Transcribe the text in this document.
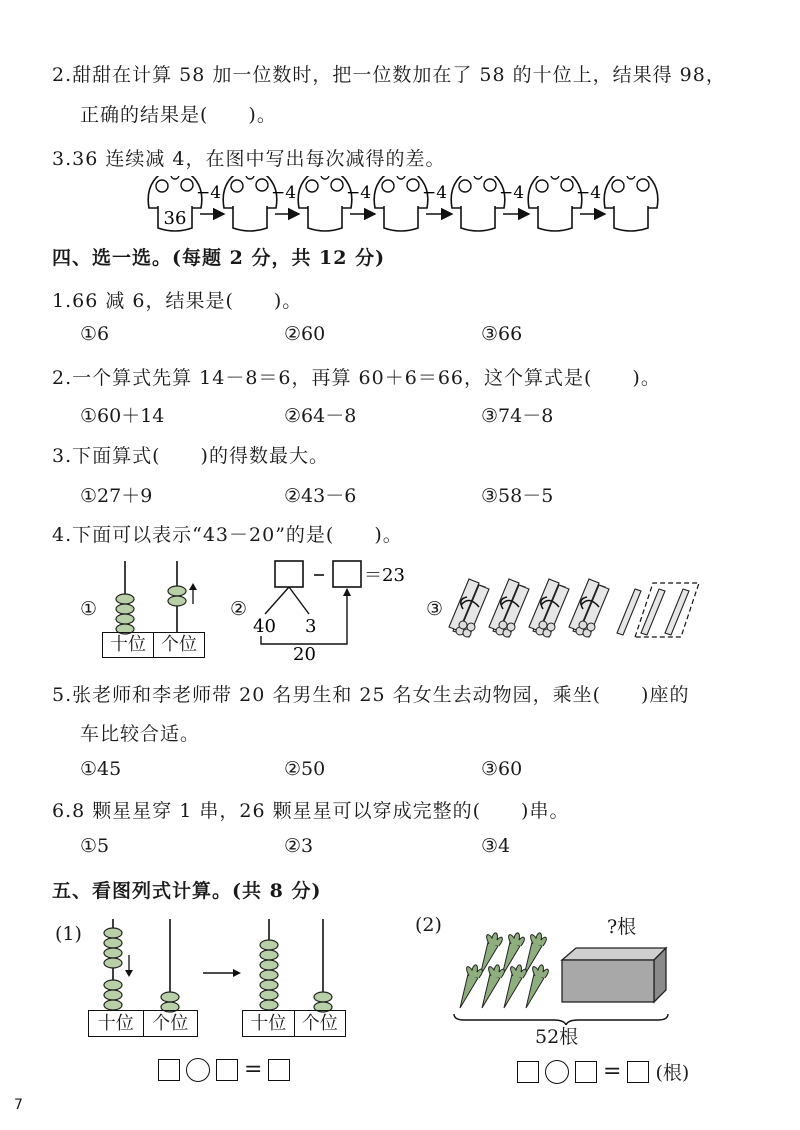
2.甜甜在计算 58 加一位数时，把一位数加在了 58 的十位上，结果得 98，
正确的结果是(　　)。
3.36 连续减 4，在图中写出每次减得的差。
36
−4	−4	−4	−4	−4	−4
四、选一选。(每题 2 分，共 12 分)
1.66 减 6，结果是(　　)。
①6	②60	③66
2.一个算式先算 14－8＝6，再算 60＋6＝66，这个算式是(　　)。
①60＋14	②64－8	③74－8
3.下面算式(　　)的得数最大。
①27＋9	②43－6	③58－5
4.下面可以表示“43－20”的是(　　)。
①
十位 个位
②
＝23
40 3
20
③
5.张老师和李老师带 20 名男生和 25 名女生去动物园，乘坐(　　)座的
车比较合适。
①45	②50	③60
6.8 颗星星穿 1 串，26 颗星星可以穿成完整的(　　)串。
①5	②3	③4
五、看图列式计算。(共 8 分)
(1)
十位	个位	十位 个位
=
(2)	?根
52根
= (根)
7
